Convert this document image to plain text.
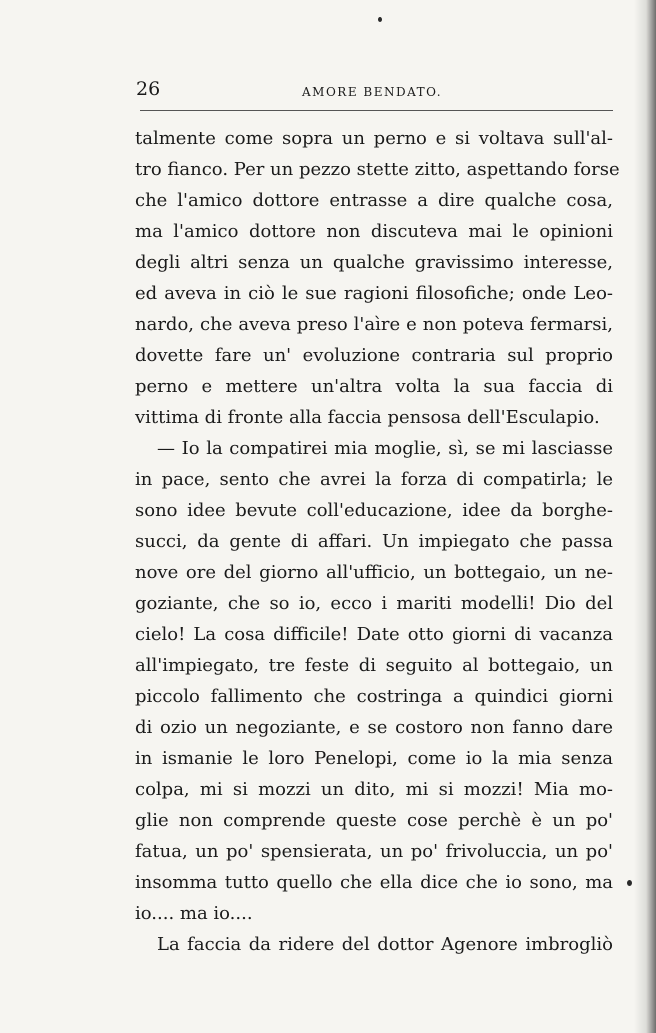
26	AMORE BENDATO.
talmente come sopra un perno e si voltava sull'al-
tro fianco. Per un pezzo stette zitto, aspettando forse
che l'amico dottore entrasse a dire qualche cosa,
ma l'amico dottore non discuteva mai le opinioni
degli altri senza un qualche gravissimo interesse,
ed aveva in ciò le sue ragioni filosofiche; onde Leo-
nardo, che aveva preso l'aìre e non poteva fermarsi,
dovette fare un' evoluzione contraria sul proprio
perno e mettere un'altra volta la sua faccia di
vittima di fronte alla faccia pensosa dell'Esculapio.
— Io la compatirei mia moglie, sì, se mi lasciasse
in pace, sento che avrei la forza di compatirla; le
sono idee bevute coll'educazione, idee da borghe-
succi, da gente di affari. Un impiegato che passa
nove ore del giorno all'ufficio, un bottegaio, un ne-
goziante, che so io, ecco i mariti modelli! Dio del
cielo! La cosa difficile! Date otto giorni di vacanza
all'impiegato, tre feste di seguito al bottegaio, un
piccolo fallimento che costringa a quindici giorni
di ozio un negoziante, e se costoro non fanno dare
in ismanie le loro Penelopi, come io la mia senza
colpa, mi si mozzi un dito, mi si mozzi! Mia mo-
glie non comprende queste cose perchè è un po'
fatua, un po' spensierata, un po' frivoluccia, un po'
insomma tutto quello che ella dice che io sono, ma
io.... ma io....
La faccia da ridere del dottor Agenore imbrogliò
